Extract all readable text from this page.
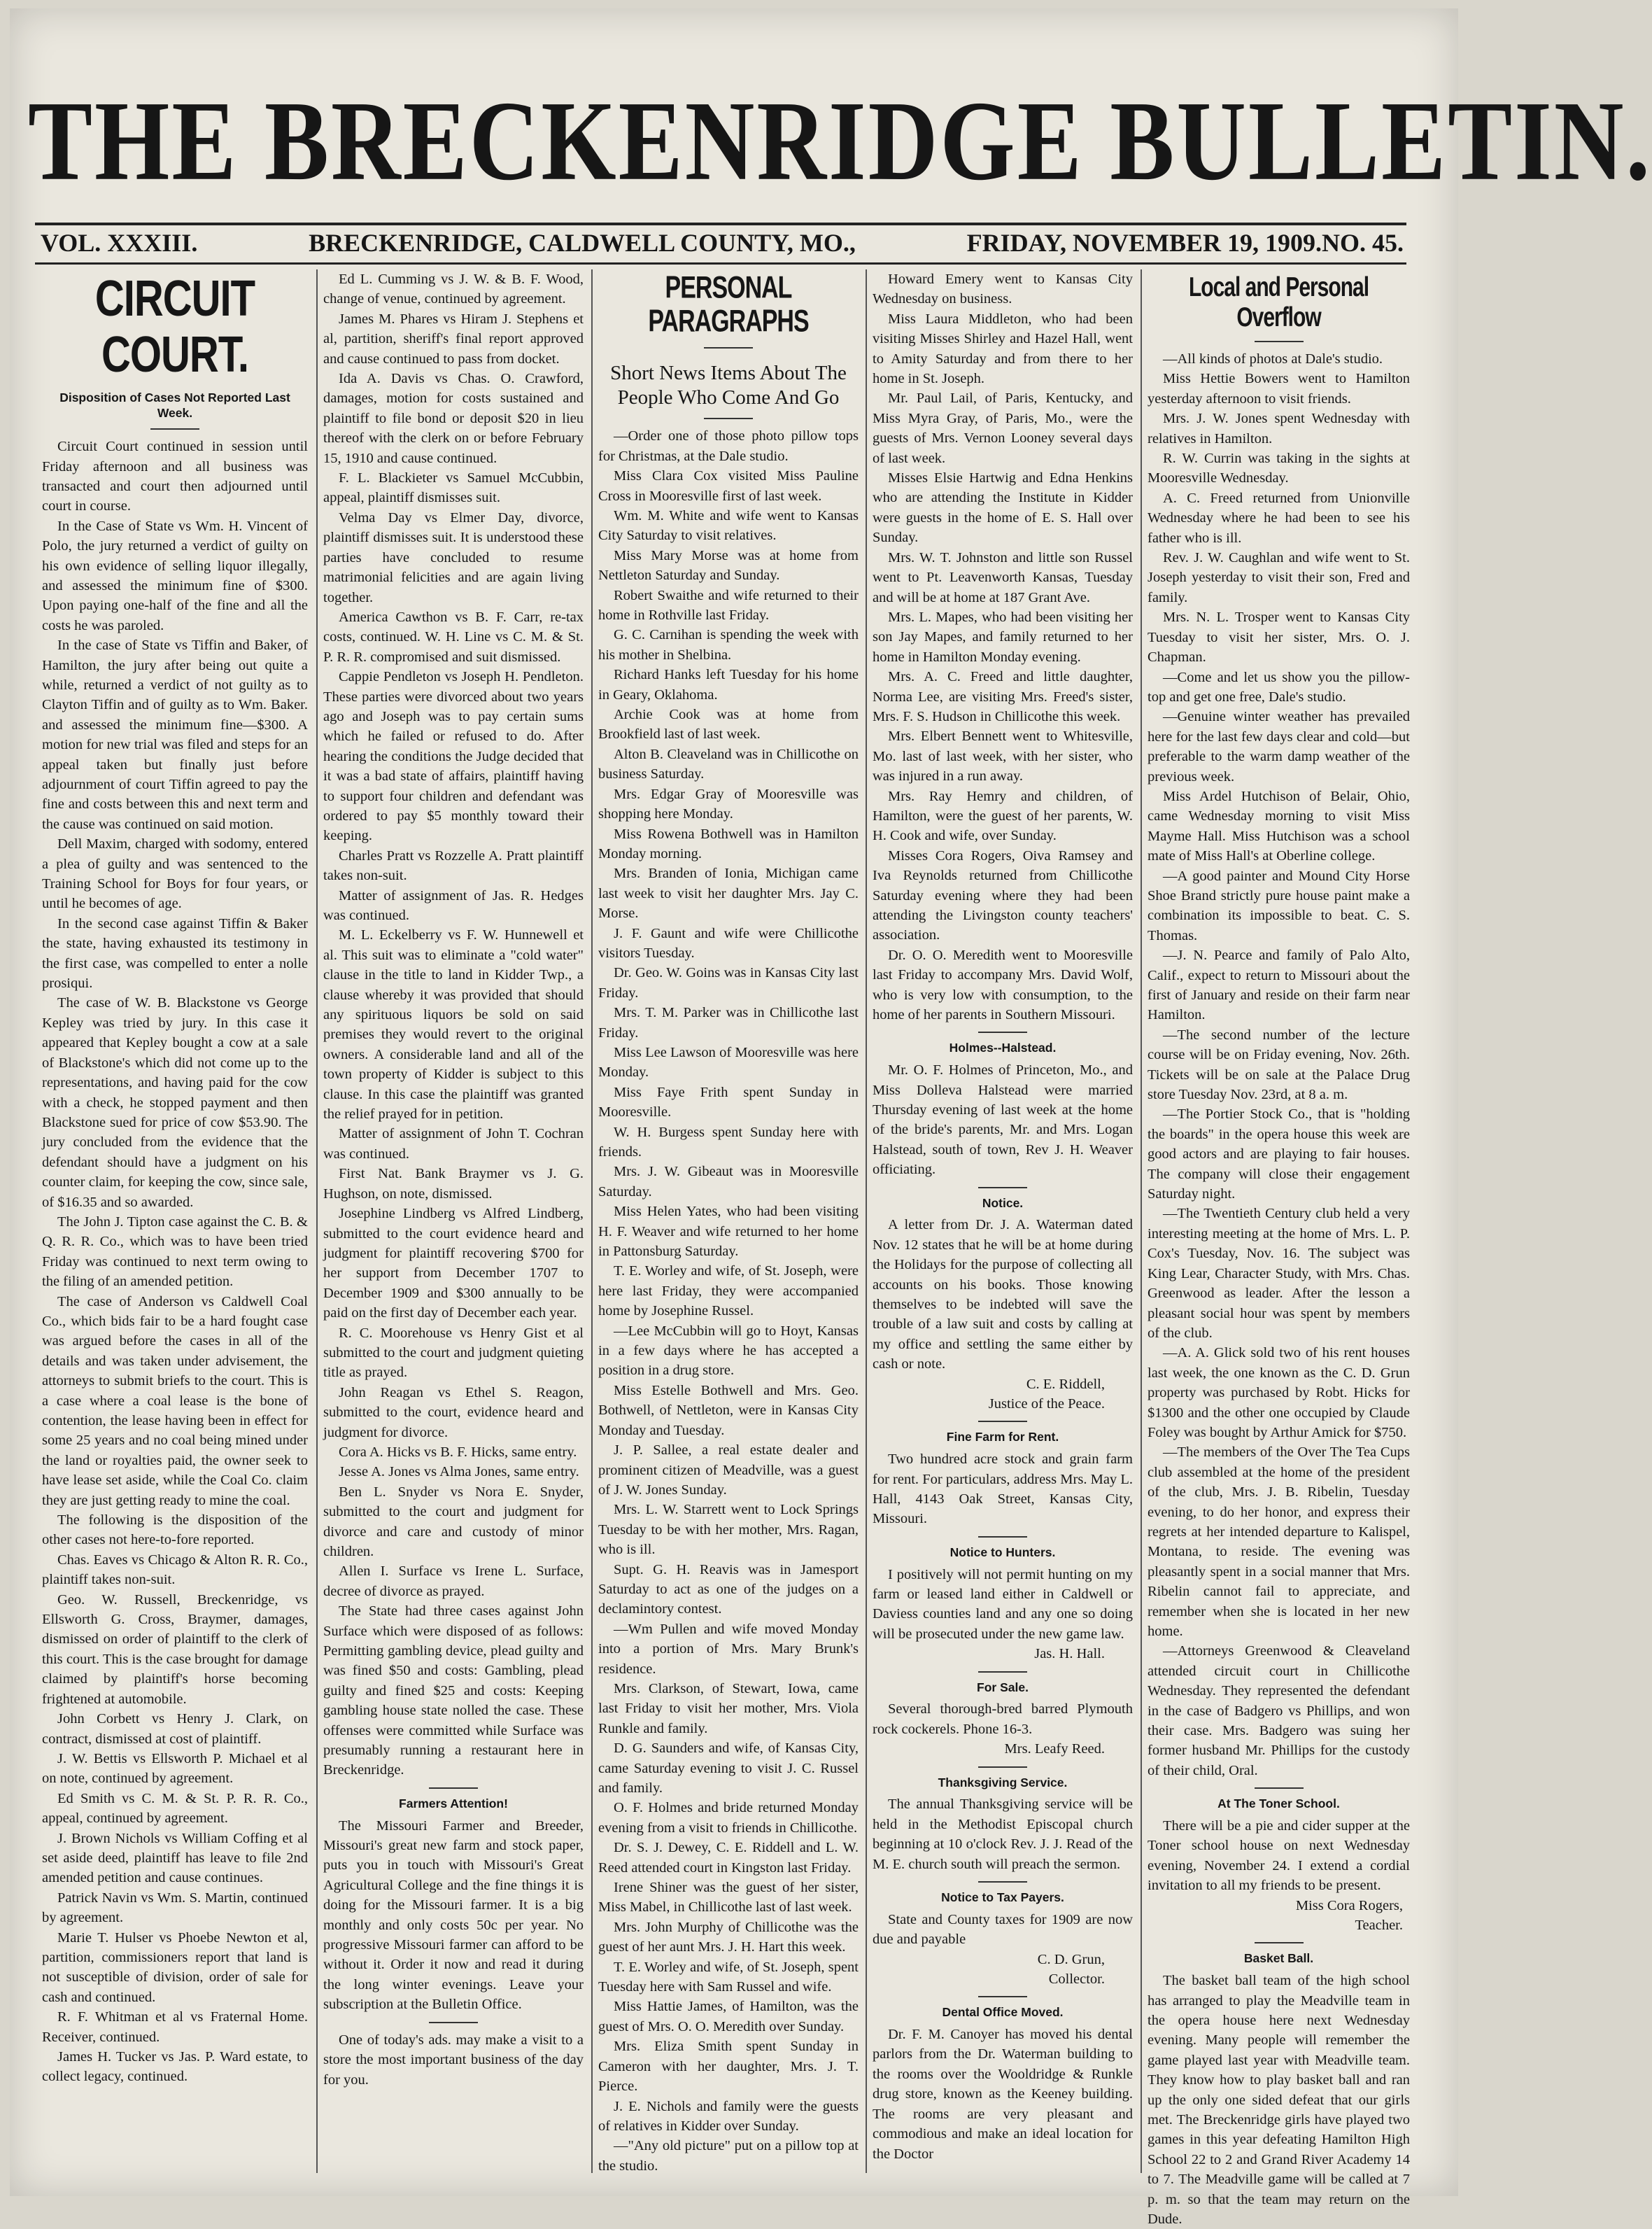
THE BRECKENRIDGE BULLETIN.
VOL. XXXIII.	BRECKENRIDGE, CALDWELL COUNTY, MO.,	FRIDAY, NOVEMBER 19, 1909. NO. 45.
CIRCUIT COURT.

Disposition of Cases Not Reported Last Week.

Circuit Court continued in session until Friday afternoon and all business was transacted and court then adjourned until court in course.

In the Case of State vs Wm. H. Vincent of Polo, the jury returned a verdict of guilty on his own evidence of selling liquor illegally, and assessed the minimum fine of $300. Upon paying one-half of the fine and all the costs he was paroled.

In the case of State vs Tiffin and Baker, of Hamilton, the jury after being out quite a while, returned a verdict of not guilty as to Clayton Tiffin and of guilty as to Wm. Baker. and assessed the minimum fine—$300. A motion for new trial was filed and steps for an appeal taken but finally just before adjournment of court Tiffin agreed to pay the fine and costs between this and next term and the cause was continued on said motion.

Dell Maxim, charged with sodomy, entered a plea of guilty and was sentenced to the Training School for Boys for four years, or until he becomes of age.

In the second case against Tiffin & Baker the state, having exhausted its testimony in the first case, was compelled to enter a nolle prosiqui.

The case of W. B. Blackstone vs George Kepley was tried by jury. In this case it appeared that Kepley bought a cow at a sale of Blackstone's which did not come up to the representations, and having paid for the cow with a check, he stopped payment and then Blackstone sued for price of cow $53.90. The jury concluded from the evidence that the defendant should have a judgment on his counter claim, for keeping the cow, since sale, of $16.35 and so awarded.

The John J. Tipton case against the C. B. & Q. R. R. Co., which was to have been tried Friday was continued to next term owing to the filing of an amended petition.

The case of Anderson vs Caldwell Coal Co., which bids fair to be a hard fought case was argued before the cases in all of the details and was taken under advisement, the attorneys to submit briefs to the court. This is a case where a coal lease is the bone of contention, the lease having been in effect for some 25 years and no coal being mined under the land or royalties paid, the owner seek to have lease set aside, while the Coal Co. claim they are just getting ready to mine the coal.

The following is the disposition of the other cases not here-to-fore reported.

Chas. Eaves vs Chicago & Alton R. R. Co., plaintiff takes non-suit.

Geo. W. Russell, Breckenridge, vs Ellsworth G. Cross, Braymer, damages, dismissed on order of plaintiff to the clerk of this court. This is the case brought for damage claimed by plaintiff's horse becoming frightened at automobile.

John Corbett vs Henry J. Clark, on contract, dismissed at cost of plaintiff.

J. W. Bettis vs Ellsworth P. Michael et al on note, continued by agreement.

Ed Smith vs C. M. & St. P. R. R. Co., appeal, continued by agreement.

J. Brown Nichols vs William Coffing et al set aside deed, plaintiff has leave to file 2nd amended petition and cause continues.

Patrick Navin vs Wm. S. Martin, continued by agreement.

Marie T. Hulser vs Phoebe Newton et al, partition, commissioners report that land is not susceptible of division, order of sale for cash and continued.

R. F. Whitman et al vs Fraternal Home. Receiver, continued.

James H. Tucker vs Jas. P. Ward estate, to collect legacy, continued.

Ed L. Cumming vs J. W. & B. F. Wood, change of venue, continued by agreement.

James M. Phares vs Hiram J. Stephens et al, partition, sheriff's final report approved and cause continued to pass from docket.

Ida A. Davis vs Chas. O. Crawford, damages, motion for costs sustained and plaintiff to file bond or deposit $20 in lieu thereof with the clerk on or before February 15, 1910 and cause continued.

F. L. Blackieter vs Samuel McCubbin, appeal, plaintiff dismisses suit.

Velma Day vs Elmer Day, divorce, plaintiff dismisses suit. It is understood these parties have concluded to resume matrimonial felicities and are again living together.

America Cawthon vs B. F. Carr, re-tax costs, continued. W. H. Line vs C. M. & St. P. R. R. compromised and suit dismissed.

Cappie Pendleton vs Joseph H. Pendleton. These parties were divorced about two years ago and Joseph was to pay certain sums which he failed or refused to do. After hearing the conditions the Judge decided that it was a bad state of affairs, plaintiff having to support four children and defendant was ordered to pay $5 monthly toward their keeping.

Charles Pratt vs Rozzelle A. Pratt plaintiff takes non-suit.

Matter of assignment of Jas. R. Hedges was continued.

M. L. Eckelberry vs F. W. Hunnewell et al. This suit was to eliminate a "cold water" clause in the title to land in Kidder Twp., a clause whereby it was provided that should any spirituous liquors be sold on said premises they would revert to the original owners. A considerable land and all of the town property of Kidder is subject to this clause. In this case the plaintiff was granted the relief prayed for in petition.

Matter of assignment of John T. Cochran was continued.

First Nat. Bank Braymer vs J. G. Hughson, on note, dismissed.

Josephine Lindberg vs Alfred Lindberg, submitted to the court evidence heard and judgment for plaintiff recovering $700 for her support from December 1707 to December 1909 and $300 annually to be paid on the first day of December each year.

R. C. Moorehouse vs Henry Gist et al submitted to the court and judgment quieting title as prayed.

John Reagan vs Ethel S. Reagon, submitted to the court, evidence heard and judgment for divorce.

Cora A. Hicks vs B. F. Hicks, same entry.

Jesse A. Jones vs Alma Jones, same entry.

Ben L. Snyder vs Nora E. Snyder, submitted to the court and judgment for divorce and care and custody of minor children.

Allen I. Surface vs Irene L. Surface, decree of divorce as prayed.

The State had three cases against John Surface which were disposed of as follows: Permitting gambling device, plead guilty and was fined $50 and costs: Gambling, plead guilty and fined $25 and costs: Keeping gambling house state nolled the case. These offenses were committed while Surface was presumably running a restaurant here in Breckenridge.

Farmers Attention!

The Missouri Farmer and Breeder, Missouri's great new farm and stock paper, puts you in touch with Missouri's Great Agricultural College and the fine things it is doing for the Missouri farmer. It is a big monthly and only costs 50c per year. No progressive Missouri farmer can afford to be without it. Order it now and read it during the long winter evenings. Leave your subscription at the Bulletin Office.

One of today's ads. may make a visit to a store the most important business of the day for you.

PERSONAL PARAGRAPHS

Short News Items About The People Who Come And Go

—Order one of those photo pillow tops for Christmas, at the Dale studio.

Miss Clara Cox visited Miss Pauline Cross in Mooresville first of last week.

Wm. M. White and wife went to Kansas City Saturday to visit relatives.

Miss Mary Morse was at home from Nettleton Saturday and Sunday.

Robert Swaithe and wife returned to their home in Rothville last Friday.

G. C. Carnihan is spending the week with his mother in Shelbina.

Richard Hanks left Tuesday for his home in Geary, Oklahoma.

Archie Cook was at home from Brookfield last of last week.

Alton B. Cleaveland was in Chillicothe on business Saturday.

Mrs. Edgar Gray of Mooresville was shopping here Monday.

Miss Rowena Bothwell was in Hamilton Monday morning.

Mrs. Branden of Ionia, Michigan came last week to visit her daughter Mrs. Jay C. Morse.

J. F. Gaunt and wife were Chillicothe visitors Tuesday.

Dr. Geo. W. Goins was in Kansas City last Friday.

Mrs. T. M. Parker was in Chillicothe last Friday.

Miss Lee Lawson of Mooresville was here Monday.

Miss Faye Frith spent Sunday in Mooresville.

W. H. Burgess spent Sunday here with friends.

Mrs. J. W. Gibeaut was in Mooresville Saturday.

Miss Helen Yates, who had been visiting H. F. Weaver and wife returned to her home in Pattonsburg Saturday.

T. E. Worley and wife, of St. Joseph, were here last Friday, they were accompanied home by Josephine Russel.

—Lee McCubbin will go to Hoyt, Kansas in a few days where he has accepted a position in a drug store.

Miss Estelle Bothwell and Mrs. Geo. Bothwell, of Nettleton, were in Kansas City Monday and Tuesday.

J. P. Sallee, a real estate dealer and prominent citizen of Meadville, was a guest of J. W. Jones Sunday.

Mrs. L. W. Starrett went to Lock Springs Tuesday to be with her mother, Mrs. Ragan, who is ill.

Supt. G. H. Reavis was in Jamesport Saturday to act as one of the judges on a declamintory contest.

—Wm Pullen and wife moved Monday into a portion of Mrs. Mary Brunk's residence.

Mrs. Clarkson, of Stewart, Iowa, came last Friday to visit her mother, Mrs. Viola Runkle and family.

D. G. Saunders and wife, of Kansas City, came Saturday evening to visit J. C. Russel and family.

O. F. Holmes and bride returned Monday evening from a visit to friends in Chillicothe.

Dr. S. J. Dewey, C. E. Riddell and L. W. Reed attended court in Kingston last Friday.

Irene Shiner was the guest of her sister, Miss Mabel, in Chillicothe last of last week.

Mrs. John Murphy of Chillicothe was the guest of her aunt Mrs. J. H. Hart this week.

T. E. Worley and wife, of St. Joseph, spent Tuesday here with Sam Russel and wife.

Miss Hattie James, of Hamilton, was the guest of Mrs. O. O. Meredith over Sunday.

Mrs. Eliza Smith spent Sunday in Cameron with her daughter, Mrs. J. T. Pierce.

J. E. Nichols and family were the guests of relatives in Kidder over Sunday.

—"Any old picture" put on a pillow top at the studio.

Howard Emery went to Kansas City Wednesday on business.

Miss Laura Middleton, who had been visiting Misses Shirley and Hazel Hall, went to Amity Saturday and from there to her home in St. Joseph.

Mr. Paul Lail, of Paris, Kentucky, and Miss Myra Gray, of Paris, Mo., were the guests of Mrs. Vernon Looney several days of last week.

Misses Elsie Hartwig and Edna Henkins who are attending the Institute in Kidder were guests in the home of E. S. Hall over Sunday.

Mrs. W. T. Johnston and little son Russel went to Pt. Leavenworth Kansas, Tuesday and will be at home at 187 Grant Ave.

Mrs. L. Mapes, who had been visiting her son Jay Mapes, and family returned to her home in Hamilton Monday evening.

Mrs. A. C. Freed and little daughter, Norma Lee, are visiting Mrs. Freed's sister, Mrs. F. S. Hudson in Chillicothe this week.

Mrs. Elbert Bennett went to Whitesville, Mo. last of last week, with her sister, who was injured in a run away.

Mrs. Ray Hemry and children, of Hamilton, were the guest of her parents, W. H. Cook and wife, over Sunday.

Misses Cora Rogers, Oiva Ramsey and Iva Reynolds returned from Chillicothe Saturday evening where they had been attending the Livingston county teachers' association.

Dr. O. O. Meredith went to Mooresville last Friday to accompany Mrs. David Wolf, who is very low with consumption, to the home of her parents in Southern Missouri.

Holmes--Halstead.

Mr. O. F. Holmes of Princeton, Mo., and Miss Dolleva Halstead were married Thursday evening of last week at the home of the bride's parents, Mr. and Mrs. Logan Halstead, south of town, Rev J. H. Weaver officiating.

Notice.

A letter from Dr. J. A. Waterman dated Nov. 12 states that he will be at home during the Holidays for the purpose of collecting all accounts on his books. Those knowing themselves to be indebted will save the trouble of a law suit and costs by calling at my office and settling the same either by cash or note.

C. E. Riddell,

Justice of the Peace.

Fine Farm for Rent.

Two hundred acre stock and grain farm for rent. For particulars, address Mrs. May L. Hall, 4143 Oak Street, Kansas City, Missouri.

Notice to Hunters.

I positively will not permit hunting on my farm or leased land either in Caldwell or Daviess counties land and any one so doing will be prosecuted under the new game law.

Jas. H. Hall.

For Sale.

Several thorough-bred barred Plymouth rock cockerels. Phone 16-3.

Mrs. Leafy Reed.

Thanksgiving Service.

The annual Thanksgiving service will be held in the Methodist Episcopal church beginning at 10 o'clock Rev. J. J. Read of the M. E. church south will preach the sermon.

Notice to Tax Payers.

State and County taxes for 1909 are now due and payable

C. D. Grun,

Collector.

Dental Office Moved.

Dr. F. M. Canoyer has moved his dental parlors from the Dr. Waterman building to the rooms over the Wooldridge & Runkle drug store, known as the Keeney building. The rooms are very pleasant and commodious and make an ideal location for the Doctor

Local and Personal Overflow

—All kinds of photos at Dale's studio.

Miss Hettie Bowers went to Hamilton yesterday afternoon to visit friends.

Mrs. J. W. Jones spent Wednesday with relatives in Hamilton.

R. W. Currin was taking in the sights at Mooresville Wednesday.

A. C. Freed returned from Unionville Wednesday where he had been to see his father who is ill.

Rev. J. W. Caughlan and wife went to St. Joseph yesterday to visit their son, Fred and family.

Mrs. N. L. Trosper went to Kansas City Tuesday to visit her sister, Mrs. O. J. Chapman.

—Come and let us show you the pillow-top and get one free, Dale's studio.

—Genuine winter weather has prevailed here for the last few days clear and cold—but preferable to the warm damp weather of the previous week.

Miss Ardel Hutchison of Belair, Ohio, came Wednesday morning to visit Miss Mayme Hall. Miss Hutchison was a school mate of Miss Hall's at Oberline college.

—A good painter and Mound City Horse Shoe Brand strictly pure house paint make a combination its impossible to beat. C. S. Thomas.

—J. N. Pearce and family of Palo Alto, Calif., expect to return to Missouri about the first of January and reside on their farm near Hamilton.

—The second number of the lecture course will be on Friday evening, Nov. 26th. Tickets will be on sale at the Palace Drug store Tuesday Nov. 23rd, at 8 a. m.

—The Portier Stock Co., that is "holding the boards" in the opera house this week are good actors and are playing to fair houses. The company will close their engagement Saturday night.

—The Twentieth Century club held a very interesting meeting at the home of Mrs. L. P. Cox's Tuesday, Nov. 16. The subject was King Lear, Character Study, with Mrs. Chas. Greenwood as leader. After the lesson a pleasant social hour was spent by members of the club.

—A. A. Glick sold two of his rent houses last week, the one known as the C. D. Grun property was purchased by Robt. Hicks for $1300 and the other one occupied by Claude Foley was bought by Arthur Amick for $750.

—The members of the Over The Tea Cups club assembled at the home of the president of the club, Mrs. J. B. Ribelin, Tuesday evening, to do her honor, and express their regrets at her intended departure to Kalispel, Montana, to reside. The evening was pleasantly spent in a social manner that Mrs. Ribelin cannot fail to appreciate, and remember when she is located in her new home.

—Attorneys Greenwood & Cleaveland attended circuit court in Chillicothe Wednesday. They represented the defendant in the case of Badgero vs Phillips, and won their case. Mrs. Badgero was suing her former husband Mr. Phillips for the custody of their child, Oral.

At The Toner School.

There will be a pie and cider supper at the Toner school house on next Wednesday evening, November 24. I extend a cordial invitation to all my friends to be present.

Miss Cora Rogers,

Teacher.

Basket Ball.

The basket ball team of the high school has arranged to play the Meadville team in the opera house here next Wednesday evening. Many people will remember the game played last year with Meadville team. They know how to play basket ball and ran up the only one sided defeat that our girls met. The Breckenridge girls have played two games in this year defeating Hamilton High School 22 to 2 and Grand River Academy 14 to 7. The Meadville game will be called at 7 p. m. so that the team may return on the Dude.
